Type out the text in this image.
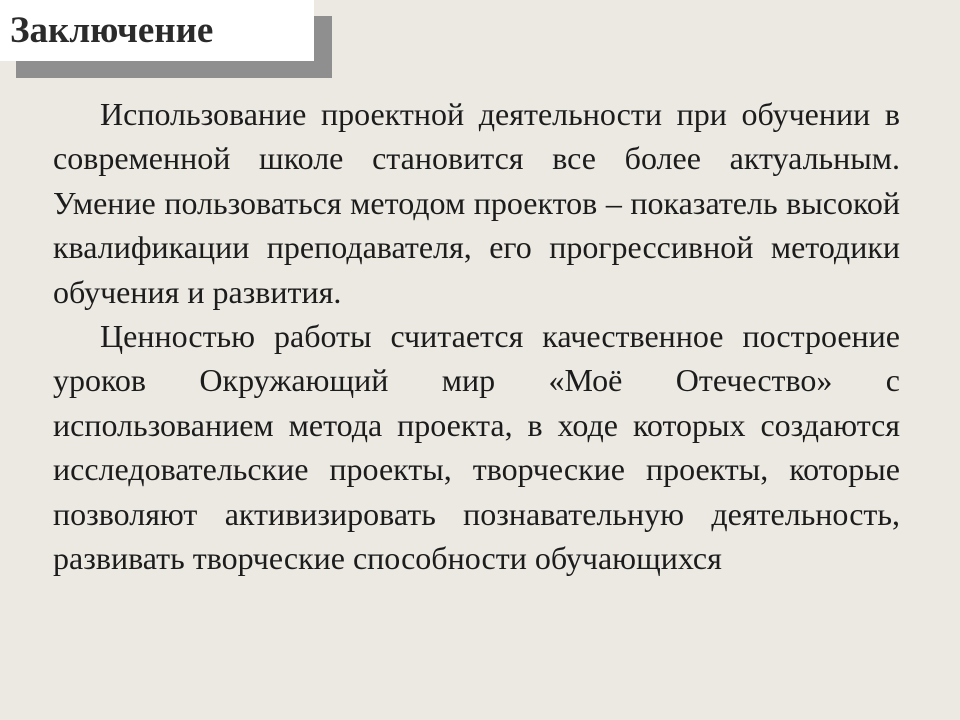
Заключение

Использование проектной деятельности при обучении в современной школе становится все более актуальным. Умение пользоваться методом проектов – показатель высокой квалификации преподавателя, его прогрессивной методики обучения и развития.

Ценностью работы считается качественное построение уроков Окружающий мир «Моё Отечество» с использованием метода проекта, в ходе которых создаются исследовательские проекты, творческие проекты, которые позволяют активизировать познавательную деятельность, развивать творческие способности обучающихся
